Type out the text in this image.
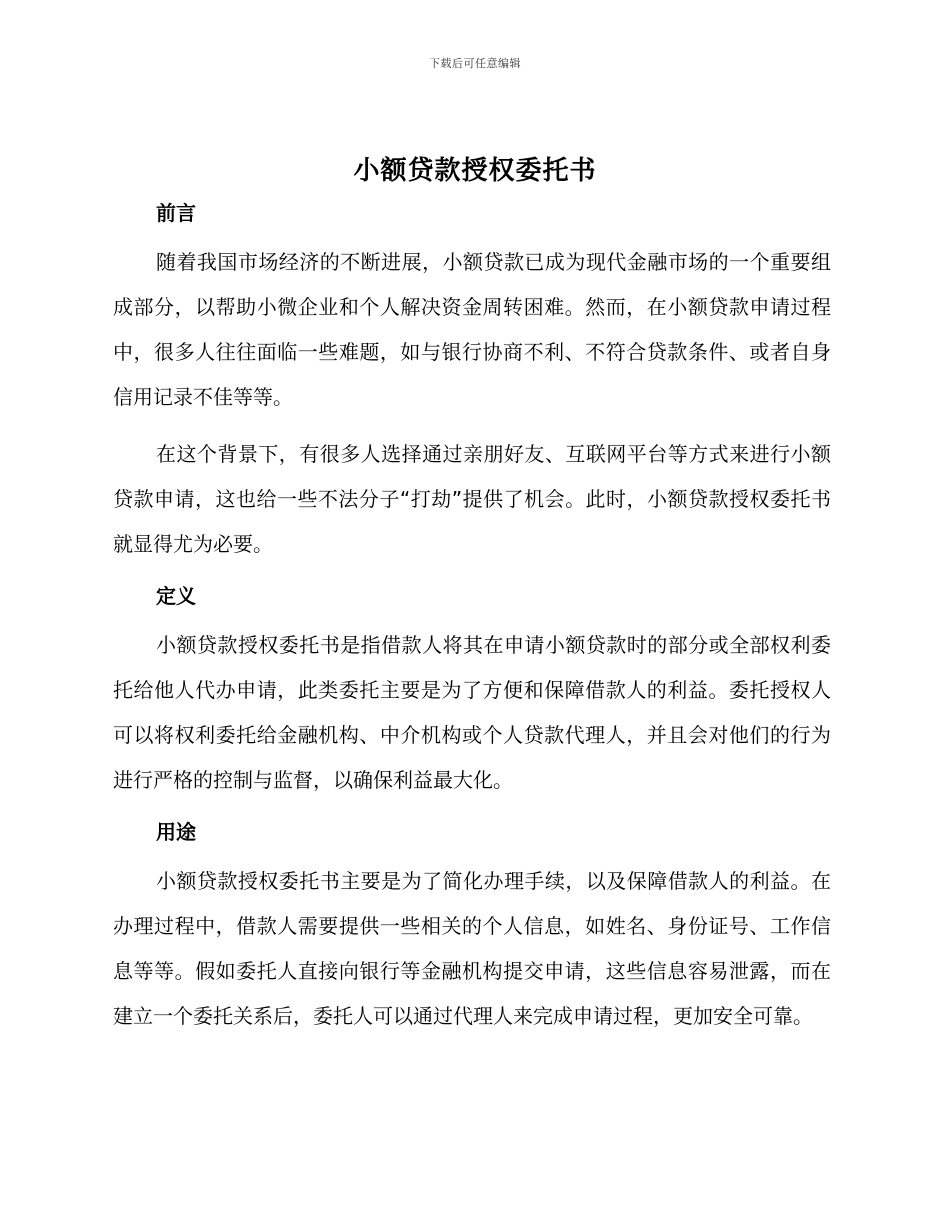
下载后可任意编辑
小额贷款授权委托书
前言

随着我国市场经济的不断进展，小额贷款已成为现代金融市场的一个重要组成部分，以帮助小微企业和个人解决资金周转困难。然而，在小额贷款申请过程中，很多人往往面临一些难题，如与银行协商不利、不符合贷款条件、或者自身信用记录不佳等等。

在这个背景下，有很多人选择通过亲朋好友、互联网平台等方式来进行小额贷款申请，这也给一些不法分子“打劫”提供了机会。此时，小额贷款授权委托书就显得尤为必要。

定义

小额贷款授权委托书是指借款人将其在申请小额贷款时的部分或全部权利委托给他人代办申请，此类委托主要是为了方便和保障借款人的利益。委托授权人可以将权利委托给金融机构、中介机构或个人贷款代理人，并且会对他们的行为进行严格的控制与监督，以确保利益最大化。

用途

小额贷款授权委托书主要是为了简化办理手续，以及保障借款人的利益。在办理过程中，借款人需要提供一些相关的个人信息，如姓名、身份证号、工作信息等等。假如委托人直接向银行等金融机构提交申请，这些信息容易泄露，而在建立一个委托关系后，委托人可以通过代理人来完成申请过程，更加安全可靠。
